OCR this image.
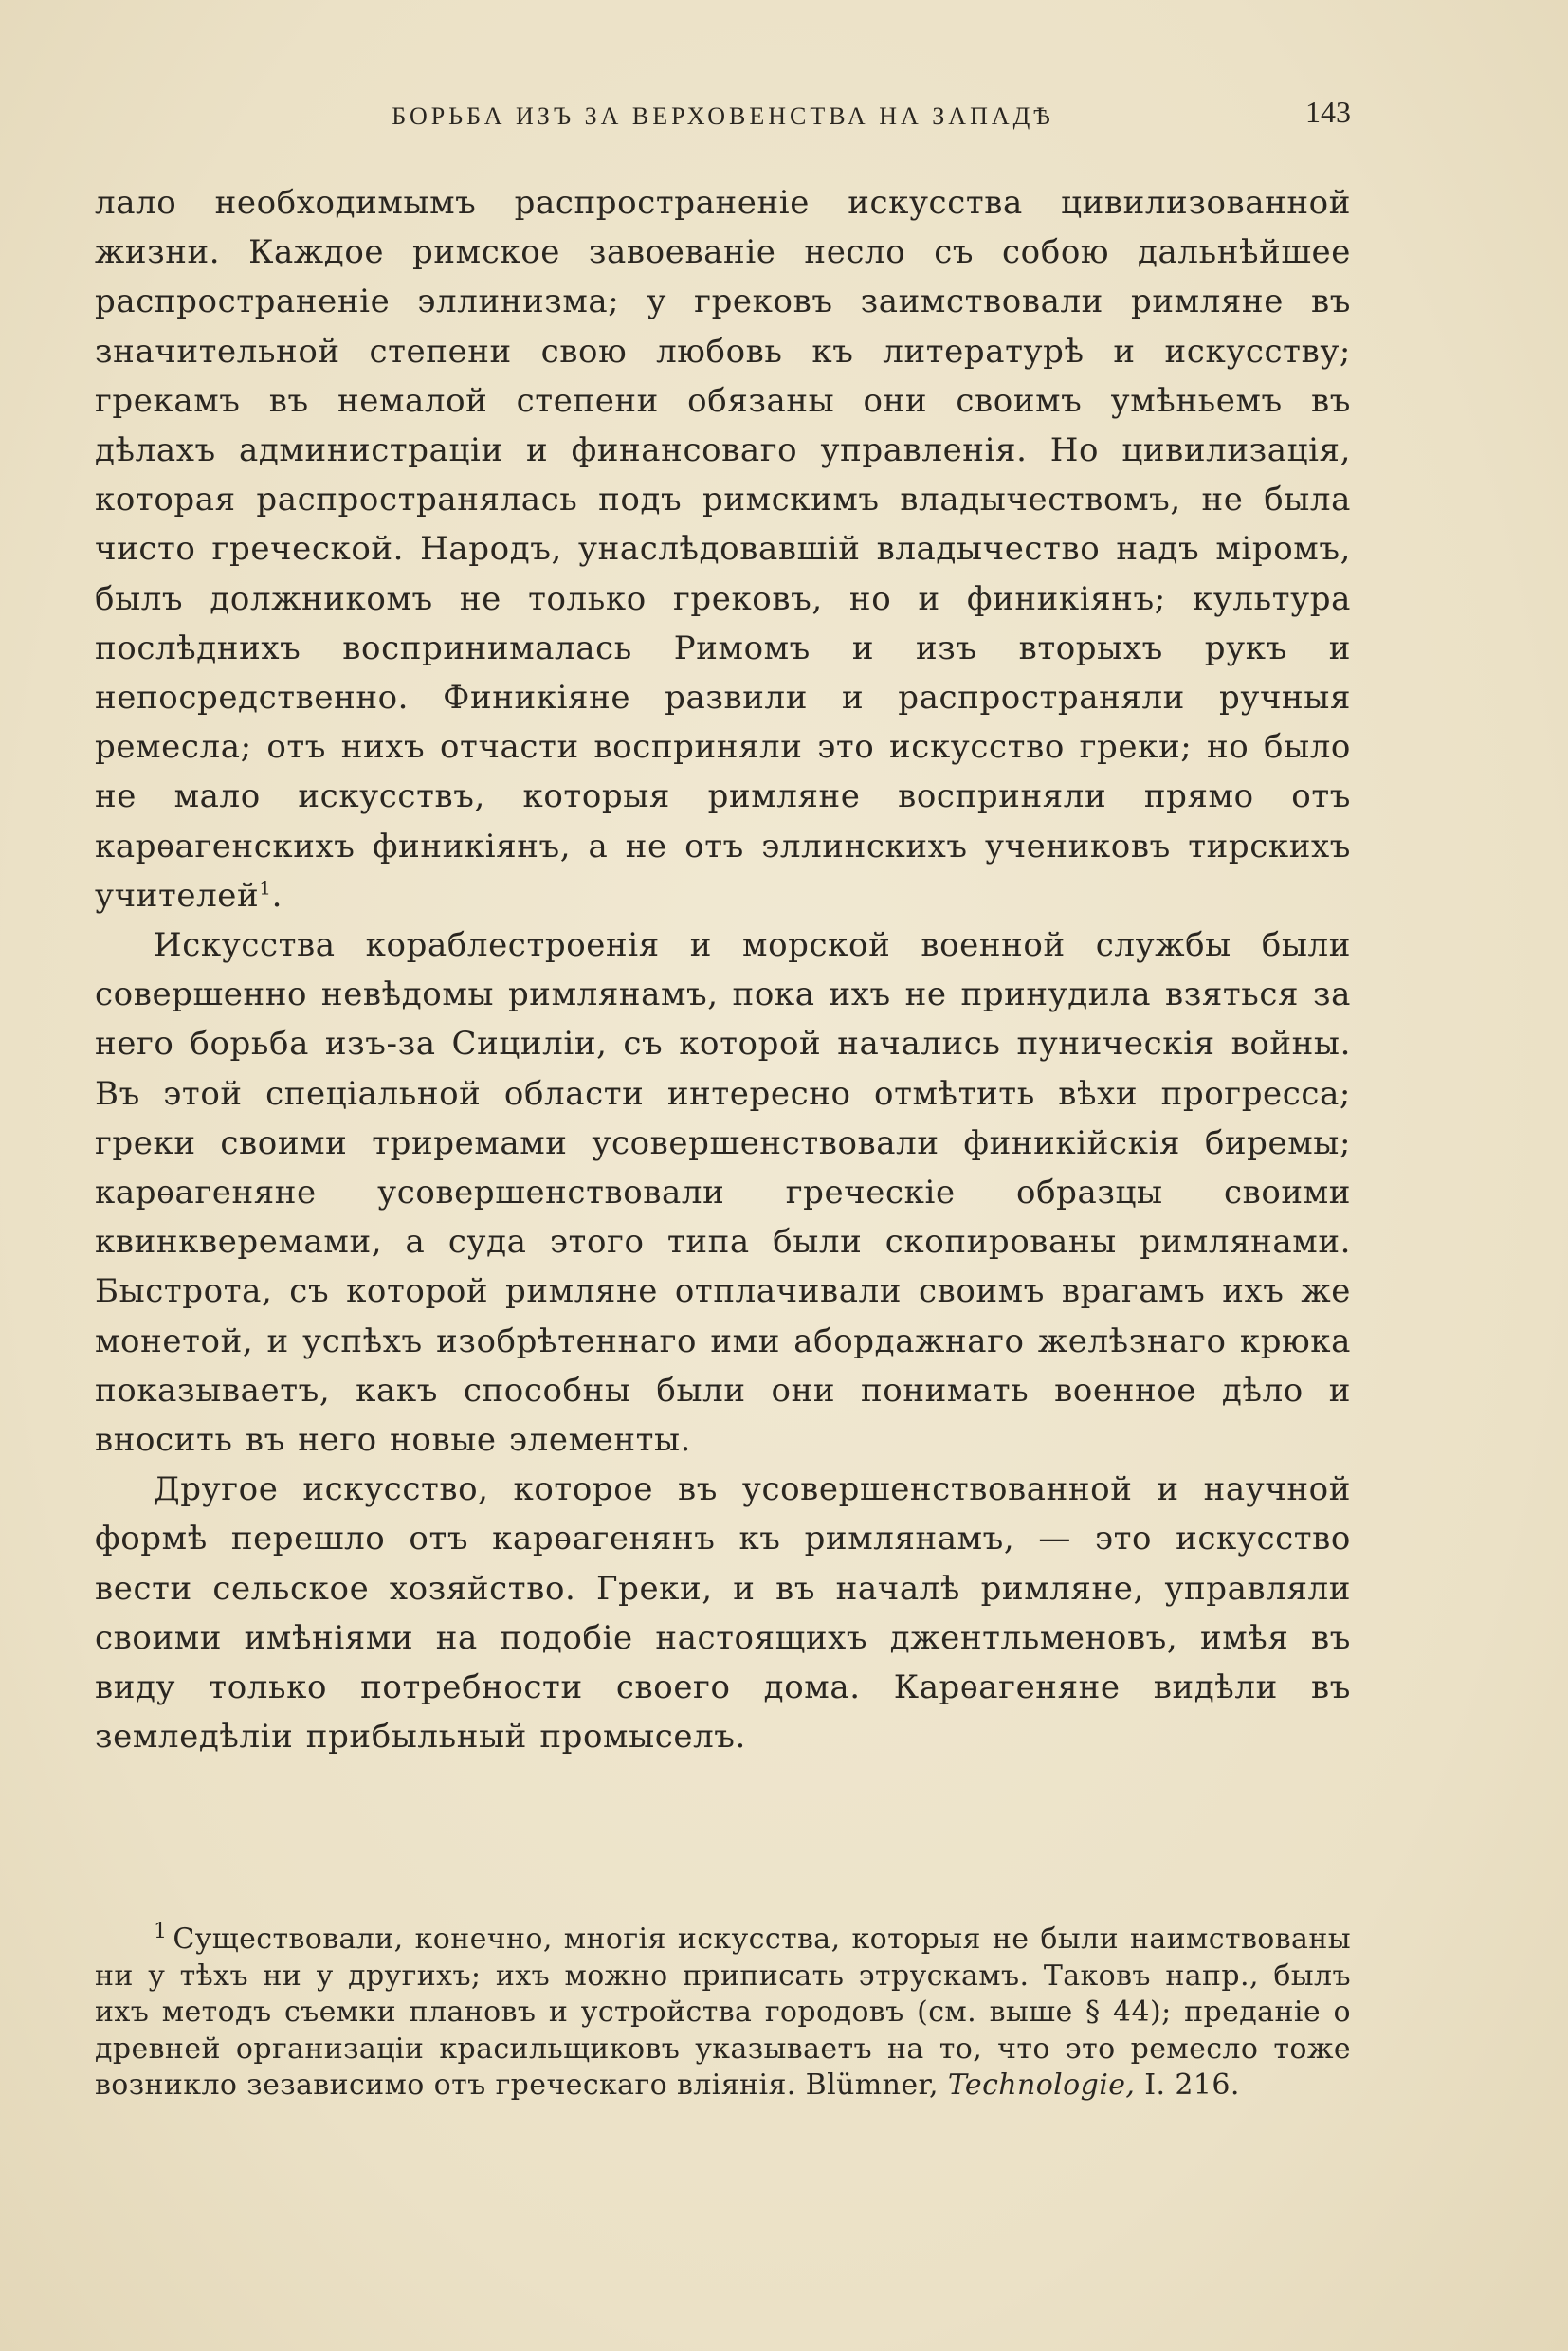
БОРЬБА ИЗЪ ЗА ВЕРХОВЕНСТВА НА ЗАПАДѢ	143

лало необходимымъ распространеніе искусства цивилизованной жизни. Каждое римское завоеваніе несло съ собою дальнѣйшее распространеніе эллинизма; у грековъ заимствовали римляне въ значительной степени свою любовь къ литературѣ и искусству; грекамъ въ немалой степени обязаны они своимъ умѣньемъ въ дѣлахъ администраціи и финансоваго управленія. Но цивилизація, которая распространялась подъ римскимъ владычествомъ, не была чисто греческой. Народъ, унаслѣдовавшій владычество надъ міромъ, былъ должникомъ не только грековъ, но и финикіянъ; культура послѣднихъ воспринималась Римомъ и изъ вторыхъ рукъ и непосредственно. Финикіяне развили и распространяли ручныя ремесла; отъ нихъ отчасти восприняли это искусство греки; но было не мало искусствъ, которыя римляне восприняли прямо отъ карѳагенскихъ финикіянъ, а не отъ эллинскихъ учениковъ тирскихъ учителей$^1$.

Искусства кораблестроенія и морской военной службы были совершенно невѣдомы римлянамъ, пока ихъ не принудила взяться за него борьба изъ-за Сициліи, съ которой начались пуническія войны. Въ этой спеціальной области интересно отмѣтить вѣхи прогресса; греки своими триремами усовершенствовали финикійскія биремы; карѳагеняне усовершенствовали греческіе образцы своими квинкверемами, а суда этого типа были скопированы римлянами. Быстрота, съ которой римляне отплачивали своимъ врагамъ ихъ же монетой, и успѣхъ изобрѣтеннаго ими абордажнаго желѣзнаго крюка показываетъ, какъ способны были они понимать военное дѣло и вносить въ него новые элементы.

Другое искусство, которое въ усовершенствованной и научной формѣ перешло отъ карѳагенянъ къ римлянамъ, — это искусство вести сельское хозяйство. Греки, и въ началѣ римляне, управляли своими имѣніями на подобіе настоящихъ джентльменовъ, имѣя въ виду только потребности своего дома. Карѳагеняне видѣли въ земледѣліи прибыльный промыселъ.

$^1$ Существовали, конечно, многія искусства, которыя не были наимствованы ни у тѣхъ ни у другихъ; ихъ можно приписать этрускамъ. Таковъ напр., былъ ихъ методъ съемки плановъ и устройства городовъ (см. выше § 44); преданіе о древней организаціи красильщиковъ указываетъ на то, что это ремесло тоже возникло зезависимо отъ греческаго вліянія. Blümner, Technologie, I. 216.
